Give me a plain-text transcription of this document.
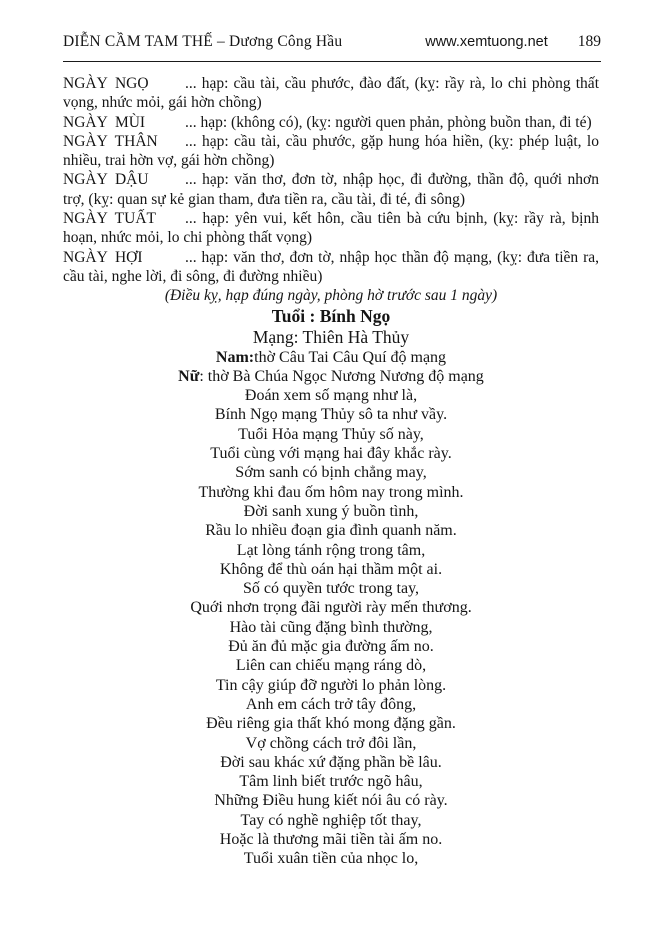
DIỄN CẦM TAM THẾ – Dương Công Hầu	www.xemtuong.net 189

NGÀY  NGỌ ... hạp: cầu tài, cầu phước, đào đất, (kỵ: rầy rà, lo chi phòng thất vọng, nhức mỏi, gái hờn chồng)

NGÀY  MÙI	... hạp: (không có), (kỵ: người quen phản, phòng buồn than, đi té)

NGÀY  THÂN ... hạp: cầu tài, cầu phước, gặp hung hóa hiền, (kỵ: phép luật, lo nhiều, trai hờn vợ, gái hờn chồng)

NGÀY  DẬU ... hạp: văn thơ, đơn tờ, nhập học, đi đường, thần độ, quới nhơn trợ, (kỵ: quan sự kẻ gian tham, đưa tiền ra, cầu tài, đi té, đi sông)

NGÀY  TUẤT ... hạp: yên vui, kết hôn, cầu tiên bà cứu bịnh, (kỵ: rầy rà, bịnh hoạn, nhức mỏi, lo chi phòng thất vọng)

NGÀY  HỢI	... hạp: văn thơ, đơn tờ, nhập học thần độ mạng, (kỵ: đưa tiền ra, cầu tài, nghe lời, đi sông, đi đường nhiều)

(Điều kỵ, hạp đúng ngày, phòng hờ trước sau 1 ngày)
Tuổi : Bính Ngọ
Mạng: Thiên Hà Thủy
Nam:thờ Câu Tai Câu Quí độ mạng
Nữ: thờ Bà Chúa Ngọc Nương Nương độ mạng
Đoán xem số mạng như là,
Bính Ngọ mạng Thủy sô ta như vầy.
Tuổi Hỏa mạng Thủy số này,
Tuổi cùng với mạng hai đây khắc rày.
Sớm sanh có bịnh chẳng may,
Thường khi đau ốm hôm nay trong mình.
Đời sanh xung ý buồn tình,
Rầu lo nhiều đoạn gia đình quanh năm.
Lạt lòng tánh rộng trong tâm,
Không để thù oán hại thầm một ai.
Số có quyền tước trong tay,
Quới nhơn trọng đãi người rày mến thương.
Hào tài cũng đặng bình thường,
Đủ ăn đủ mặc gia đường ấm no.
Liên can chiếu mạng ráng dò,
Tin cậy giúp đỡ người lo phản lòng.
Anh em cách trở tây đông,
Đều riêng gia thất khó mong đặng gần.
Vợ chồng cách trở đôi lần,
Đời sau khác xứ đặng phần bề lâu.
Tâm linh biết trước ngõ hâu,
Những Điều hung kiết nói âu có rày.
Tay có nghề nghiệp tốt thay,
Hoặc là thương mãi tiền tài ấm no.
Tuổi xuân tiền của nhọc lo,
